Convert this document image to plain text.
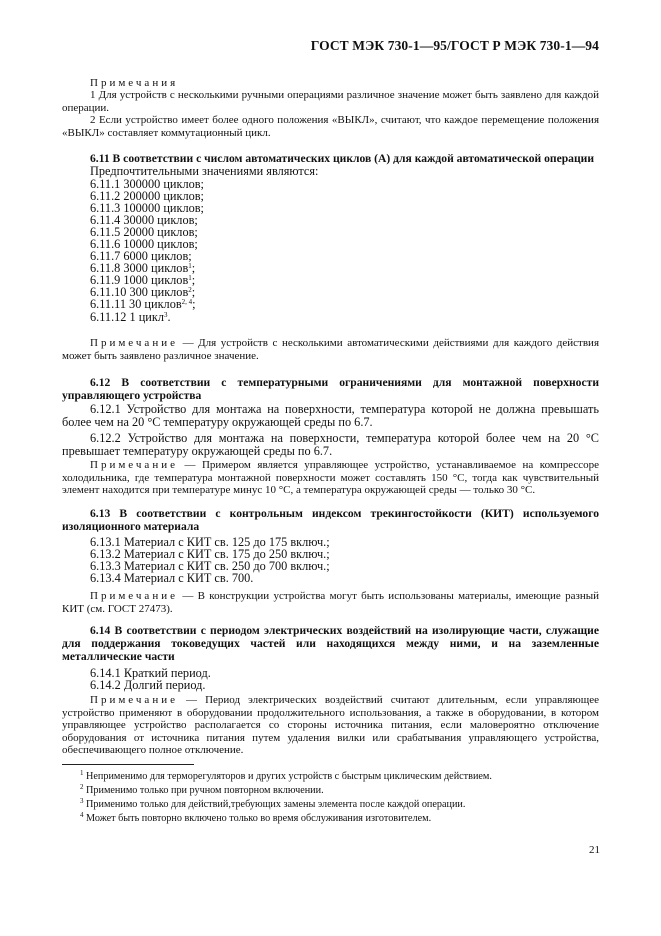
ГОСТ МЭК 730-1—95/ГОСТ Р МЭК 730-1—94
Примечания
1 Для устройств с несколькими ручными операциями различное значение может быть заявлено для каждой операции.
2 Если устройство имеет более одного положения «ВЫКЛ», считают, что каждое перемещение положения «ВЫКЛ» составляет коммутационный цикл.
6.11 В соответствии с числом автоматических циклов (А) для каждой автоматической операции
Предпочтительными значениями являются:
6.11.1 300000 циклов;
6.11.2 200000 циклов;
6.11.3 100000 циклов;
6.11.4 30000 циклов;
6.11.5 20000 циклов;
6.11.6 10000 циклов;
6.11.7 6000 циклов;
6.11.8 3000 циклов$^1$;
6.11.9 1000 циклов$^1$;
6.11.10 300 циклов$^2$;
6.11.11 30 циклов$^{2, 4}$;
6.11.12 1 цикл$^3$.
Примечание — Для устройств с несколькими автоматическими действиями для каждого действия может быть заявлено различное значение.
6.12 В соответствии с температурными ограничениями для монтажной поверхности управляющего устройства
6.12.1 Устройство для монтажа на поверхности, температура которой не должна превышать более чем на 20 °С температуру окружающей среды по 6.7.
6.12.2 Устройство для монтажа на поверхности, температура которой более чем на 20 °С превышает температуру окружающей среды по 6.7.
Примечание — Примером является управляющее устройство, устанавливаемое на компрессоре холодильника, где температура монтажной поверхности может составлять 150 °С, тогда как чувствительный элемент находится при температуре минус 10 °С, а температура окружающей среды — только 30 °С.
6.13 В соответствии с контрольным индексом трекингостойкости (КИТ) используемого изоляционного материала
6.13.1 Материал с КИТ св. 125 до 175 включ.;
6.13.2 Материал с КИТ св. 175 до 250 включ.;
6.13.3 Материал с КИТ св. 250 до 700 включ.;
6.13.4 Материал с КИТ св. 700.
Примечание — В конструкции устройства могут быть использованы материалы, имеющие разный КИТ (см. ГОСТ 27473).
6.14 В соответствии с периодом электрических воздействий на изолирующие части, служащие для поддержания токоведущих частей или находящихся между ними, и на заземленные металлические части
6.14.1 Краткий период.
6.14.2 Долгий период.
Примечание — Период электрических воздействий считают длительным, если управляющее устройство применяют в оборудовании продолжительного использования, а также в оборудовании, в котором управляющее устройство располагается со стороны источника питания, если маловероятно отключение оборудования от источника питания путем удаления вилки или срабатывания управляющего устройства, обеспечивающего полное отключение.
$^1$ Неприменимо для терморегуляторов и других устройств с быстрым циклическим действием.
$^2$ Применимо только при ручном повторном включении.
$^3$ Применимо только для действий,требующих замены элемента после каждой операции.
$^4$ Может быть повторно включено только во время обслуживания изготовителем.
21
